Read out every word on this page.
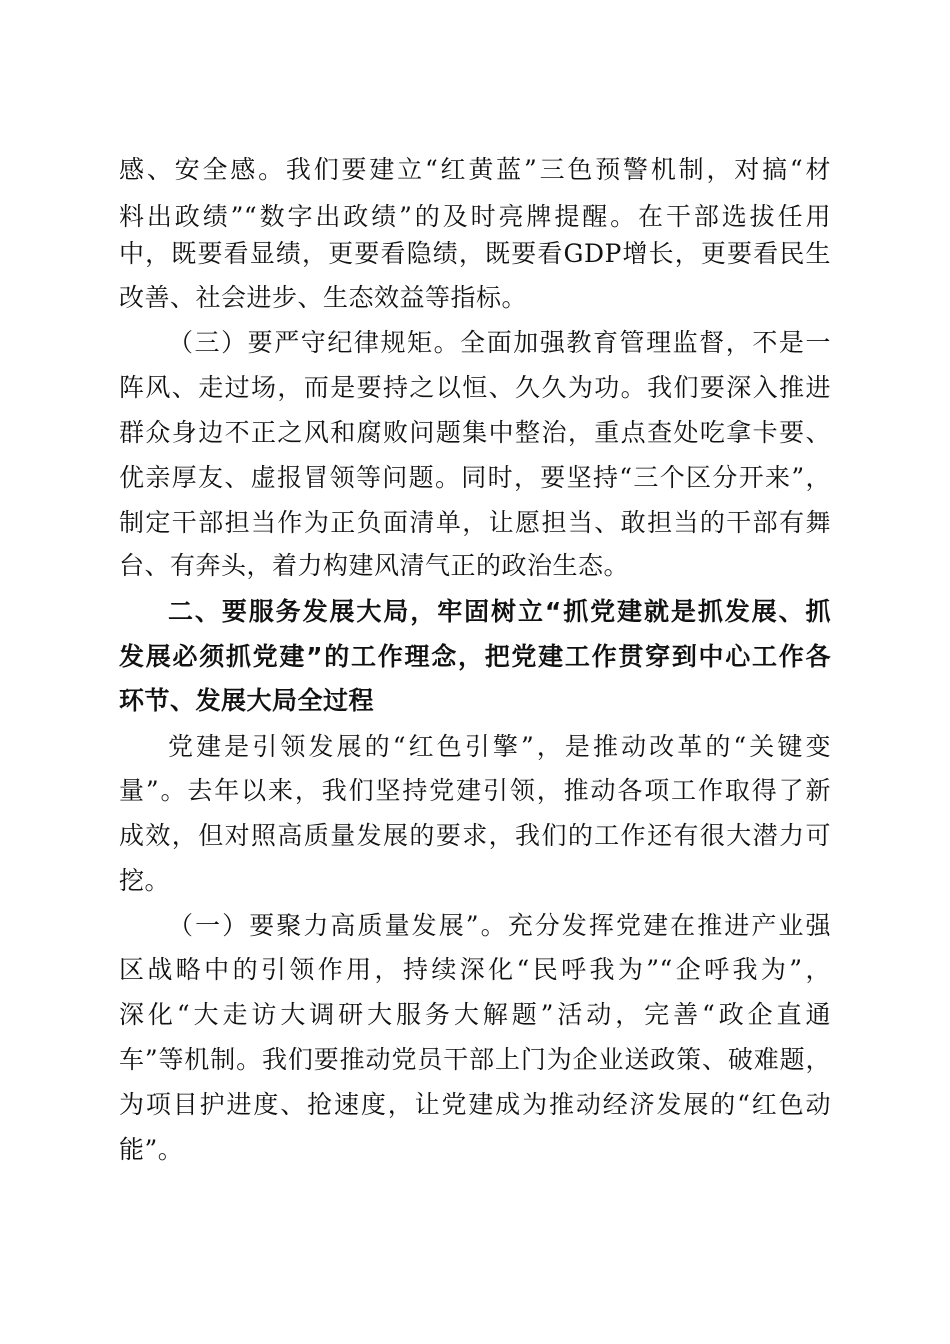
感、安全感。我们要建立“红黄蓝”三色预警机制，对搞“材
料出政绩”“数字出政绩”的及时亮牌提醒。在干部选拔任用
中，既要看显绩，更要看隐绩，既要看GDP增长，更要看民生
改善、社会进步、生态效益等指标。
（三）要严守纪律规矩。全面加强教育管理监督，不是一
阵风、走过场，而是要持之以恒、久久为功。我们要深入推进
群众身边不正之风和腐败问题集中整治，重点查处吃拿卡要、
优亲厚友、虚报冒领等问题。同时，要坚持“三个区分开来”，
制定干部担当作为正负面清单，让愿担当、敢担当的干部有舞
台、有奔头，着力构建风清气正的政治生态。
二、要服务发展大局，牢固树立“抓党建就是抓发展、抓
发展必须抓党建”的工作理念，把党建工作贯穿到中心工作各
环节、发展大局全过程
党建是引领发展的“红色引擎”，是推动改革的“关键变
量”。去年以来，我们坚持党建引领，推动各项工作取得了新
成效，但对照高质量发展的要求，我们的工作还有很大潜力可
挖。
（一）要聚力高质量发展”。充分发挥党建在推进产业强
区战略中的引领作用，持续深化“民呼我为”“企呼我为”，
深化“大走访大调研大服务大解题”活动，完善“政企直通
车”等机制。我们要推动党员干部上门为企业送政策、破难题，
为项目护进度、抢速度，让党建成为推动经济发展的“红色动
能”。
